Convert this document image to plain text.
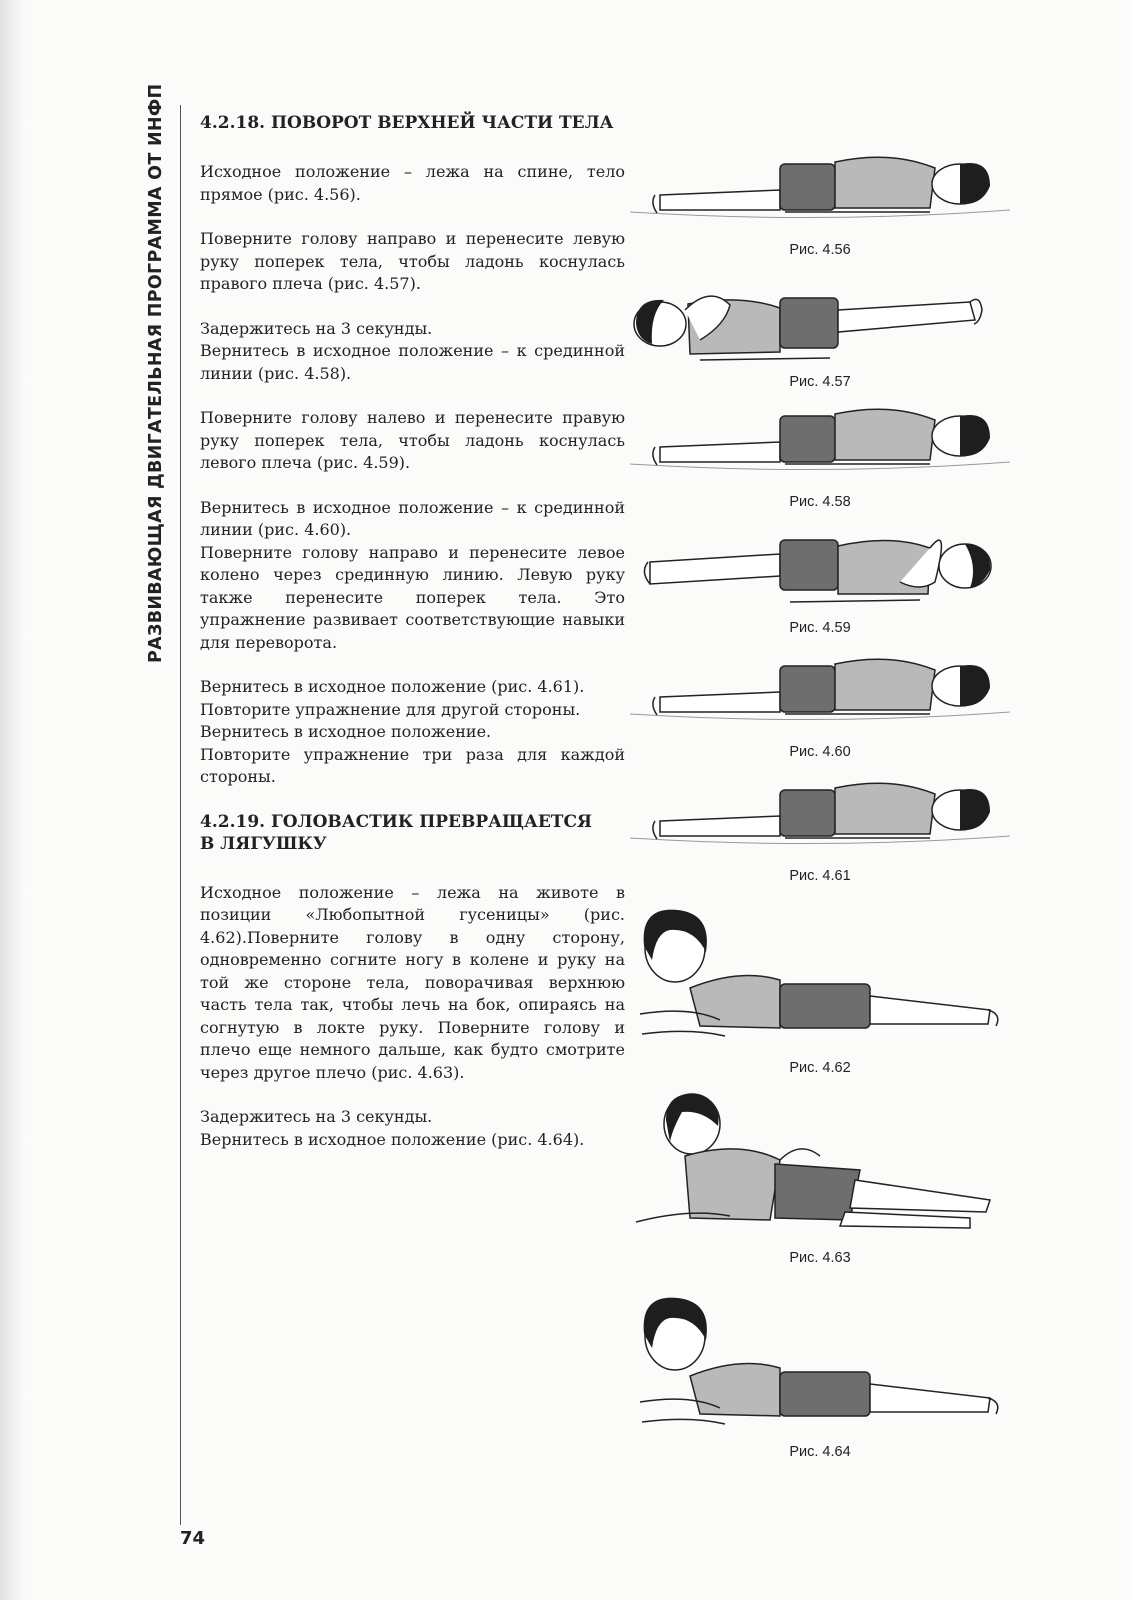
РАЗВИВАЮЩАЯ ДВИГАТЕЛЬНАЯ ПРОГРАММА ОТ ИНФП
74
4.2.18. ПОВОРОТ ВЕРХНЕЙ ЧАСТИ ТЕЛА

Исходное положение – лежа на спине, тело прямое (рис. 4.56).

Поверните голову направо и перенесите левую руку поперек тела, чтобы ладонь коснулась правого плеча (рис. 4.57).

Задержитесь на 3 секунды.

Вернитесь в исходное положение – к срединной линии (рис. 4.58).

Поверните голову налево и перенесите правую руку поперек тела, чтобы ладонь коснулась левого плеча (рис. 4.59).

Вернитесь в исходное положение – к срединной линии (рис. 4.60).

Поверните голову направо и перенесите левое колено через срединную линию. Левую руку также перенесите поперек тела. Это упражнение развивает соответствующие навыки для переворота.

Вернитесь в исходное положение (рис. 4.61).

Повторите упражнение для другой стороны.

Вернитесь в исходное положение.

Повторите упражнение три раза для каждой стороны.

4.2.19. ГОЛОВАСТИК ПРЕВРАЩАЕТСЯ
В ЛЯГУШКУ

Исходное положение – лежа на животе в позиции «Любопытной гусеницы» (рис. 4.62).Поверните голову в одну сторону, одновременно согните ногу в колене и руку на той же стороне тела, поворачивая верхнюю часть тела так, чтобы лечь на бок, опираясь на согнутую в локте руку. Поверните голову и плечо еще немного дальше, как будто смотрите через другое плечо (рис. 4.63).

Задержитесь на 3 секунды.

Вернитесь в исходное положение (рис. 4.64).

Рис. 4.56
Рис. 4.57
Рис. 4.58
Рис. 4.59
Рис. 4.60
Рис. 4.61
Рис. 4.62
Рис. 4.63
Рис. 4.64
